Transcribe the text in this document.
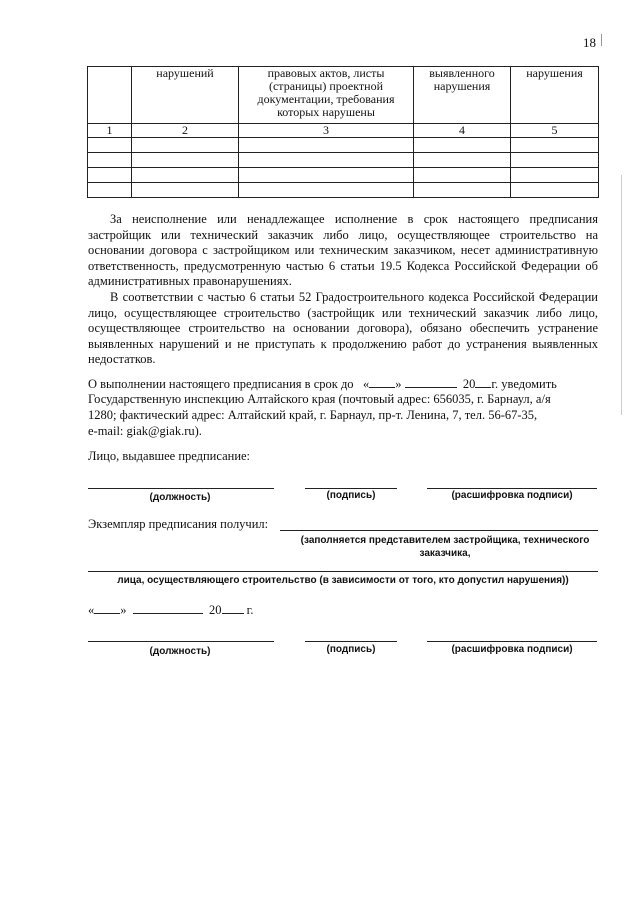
18
	нарушений	правовых актов, листы (страницы) проектной документации, требования которых нарушены	выявленного нарушения	нарушения
1	2	3	4	5

За неисполнение или ненадлежащее исполнение в срок настоящего предписания застройщик или технический заказчик либо лицо, осуществляющее строительство на основании договора с застройщиком или техническим заказчиком, несет административную ответственность, предусмотренную частью 6 статьи 19.5 Кодекса Российской Федерации об административных правонарушениях.

В соответствии с частью 6 статьи 52 Градостроительного кодекса Российской Федерации лицо, осуществляющее строительство (застройщик или технический заказчик либо лицо, осуществляющее строительство на основании договора), обязано обеспечить устранение выявленных нарушений и не приступать к продолжению работ до устранения выявленных недостатков.

О выполнении настоящего предписания в срок до « »	20 г. уведомить
Государственную инспекцию Алтайского края (почтовый адрес: 656035, г. Барнаул, а/я
1280; фактический адрес: Алтайский край, г. Барнаул, пр-т. Ленина, 7, тел. 56-67-35,
e-mail: giak@giak.ru).
Лицо, выдавшее предписание:
(должность)	(подпись)	(расшифровка подписи)
Экземпляр предписания получил:
(заполняется представителем застройщика, технического
заказчика,
лица, осуществляющего строительство (в зависимости от того, кто допустил нарушения))
« »	20 г.
(должность)	(подпись)	(расшифровка подписи)
